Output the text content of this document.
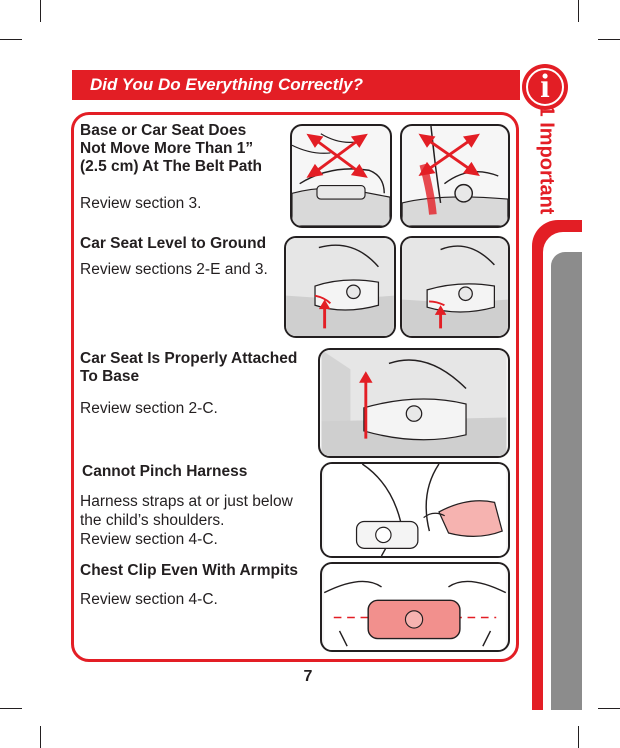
Did You Do Everything Correctly?	i
1 Important
Base or Car Seat Does
Not Move More Than 1”
(2.5 cm) At The Belt Path
Review section 3.
Car Seat Level to Ground
Review sections 2-E and 3.
Car Seat Is Properly Attached
To Base
Review section 2-C.
Cannot Pinch Harness
Harness straps at or just below
the child’s shoulders.
Review section 4-C.
Chest Clip Even With Armpits
Review section 4-C.
7
